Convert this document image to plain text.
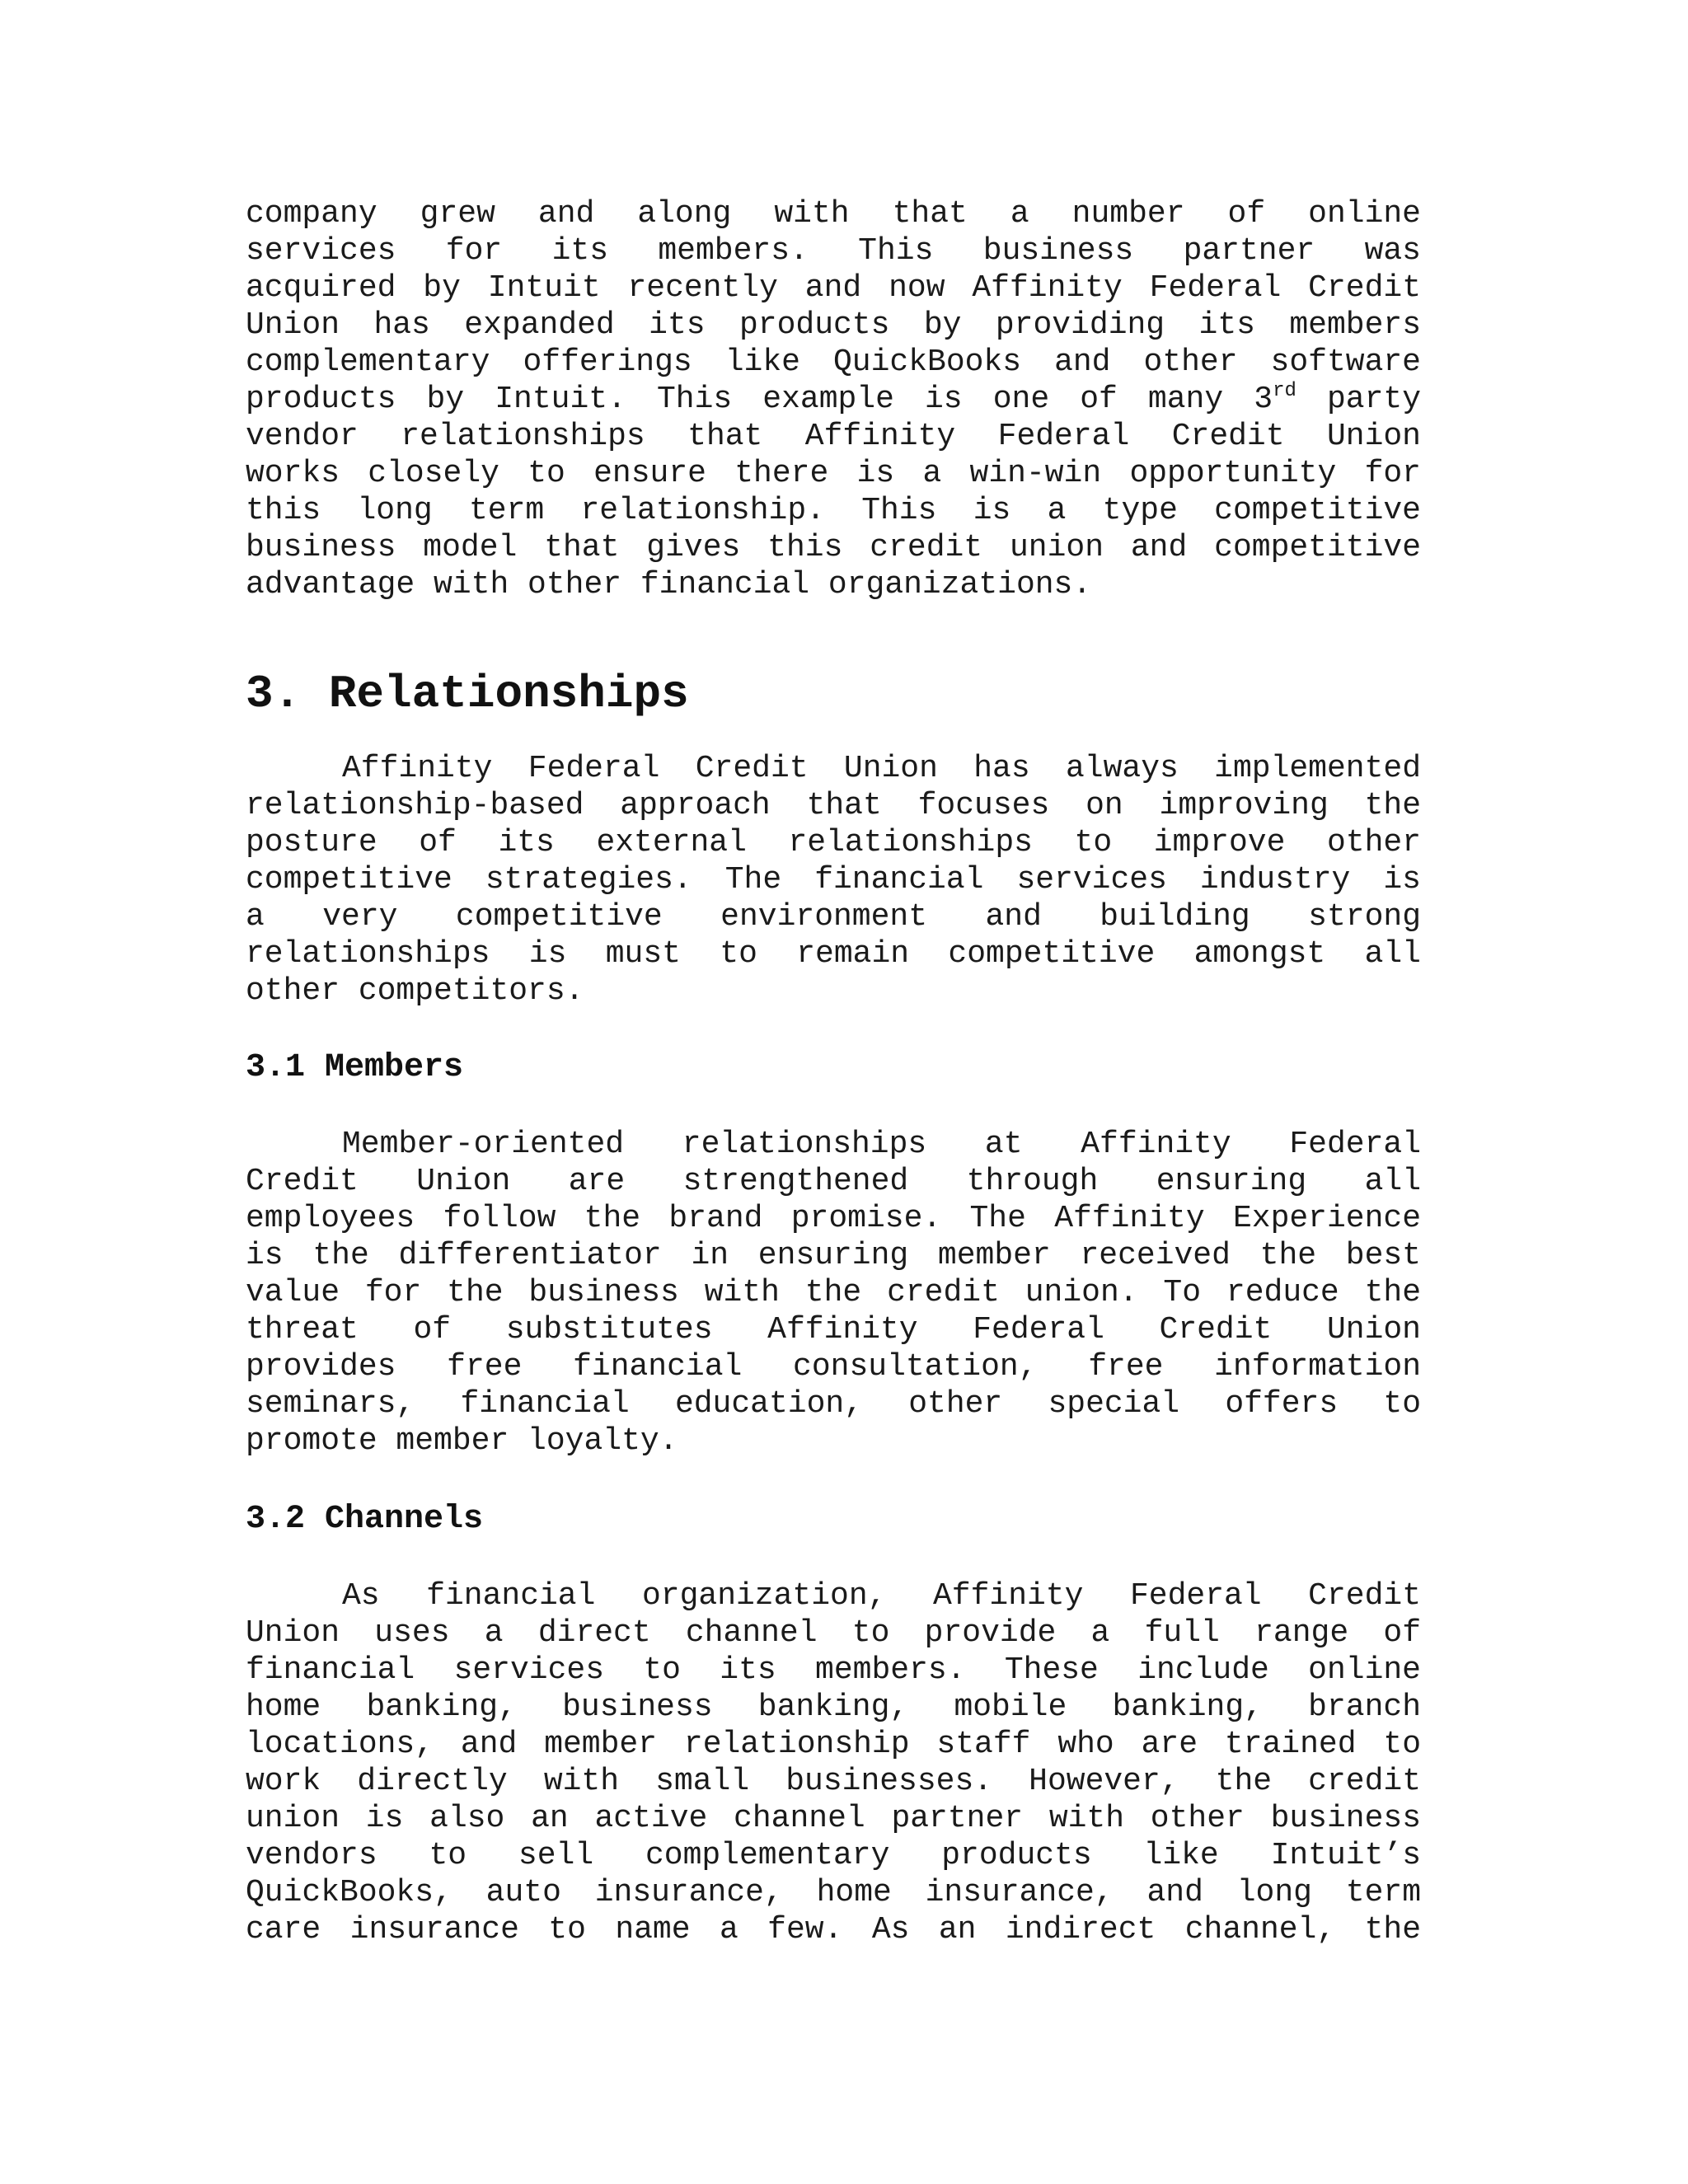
company grew and along with that a number of online
services for its members. This business partner was
acquired by Intuit recently and now Affinity Federal Credit
Union has expanded its products by providing its members
complementary offerings like QuickBooks and other software
products by Intuit. This example is one of many 3rd party
vendor relationships that Affinity Federal Credit Union
works closely to ensure there is a win-win opportunity for
this long term relationship. This is a type competitive
business model that gives this credit union and competitive
advantage with other financial organizations.
3. Relationships
Affinity Federal Credit Union has always implemented
relationship-based approach that focuses on improving the
posture of its external relationships to improve other
competitive strategies. The financial services industry is
a very competitive environment and building strong
relationships is must to remain competitive amongst all
other competitors.
3.1 Members
Member-oriented relationships at Affinity Federal
Credit Union are strengthened through ensuring all
employees follow the brand promise. The Affinity Experience
is the differentiator in ensuring member received the best
value for the business with the credit union. To reduce the
threat of substitutes Affinity Federal Credit Union
provides free financial consultation, free information
seminars, financial education, other special offers to
promote member loyalty.
3.2 Channels
As financial organization, Affinity Federal Credit
Union uses a direct channel to provide a full range of
financial services to its members. These include online
home banking, business banking, mobile banking, branch
locations, and member relationship staff who are trained to
work directly with small businesses. However, the credit
union is also an active channel partner with other business
vendors to sell complementary products like Intuit’s
QuickBooks, auto insurance, home insurance, and long term
care insurance to name a few. As an indirect channel, the
